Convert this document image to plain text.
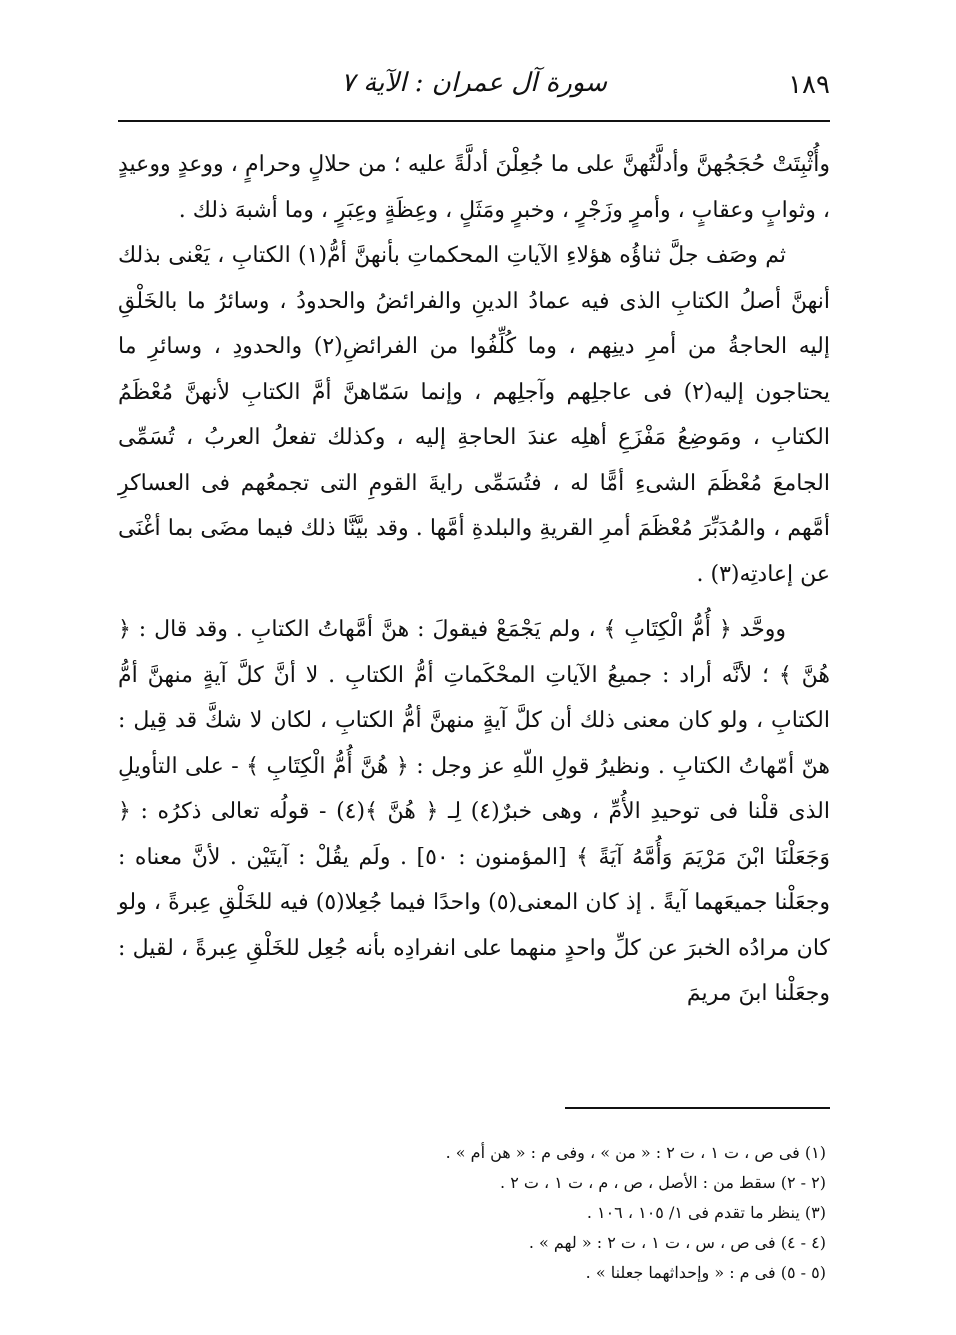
١٨٩
سورة آل عمران : الآية ٧

وأُثْبِتَتْ حُجَجُهنَّ وأدلَّتُهنَّ على ما جُعِلْنَ أدلَّةً عليه ؛ من حلالٍ وحرامٍ ، ووعدٍ ووعيدٍ ، وثوابٍ وعقابٍ ، وأمرٍ وزَجْرٍ ، وخبرٍ ومَثَلٍ ، وعِظَةٍ وعِبَرٍ ، وما أشبهَ ذلك .

ثم وصَف جلَّ ثناؤُه هؤلاءِ الآياتِ المحكماتِ بأنهنَّ أمُّ(١) الكتابِ ، يَعْنى بذلك أنهنَّ أصلُ الكتابِ الذى فيه عمادُ الدينِ والفرائضُ والحدودُ ، وسائرُ ما بالخَلْقِ إليه الحاجةُ من أمرِ دينِهم ، وما كُلِّفُوا من الفرائضِ(٢) والحدودِ ، وسائرِ ما يحتاجون إليه(٢) فى عاجلِهم وآجلِهم ، وإنما سَمّاهنَّ أمَّ الكتابِ لأنهنَّ مُعْظَمُ الكتابِ ، ومَوضِعُ مَفْزَعِ أهلِه عندَ الحاجةِ إليه ، وكذلك تفعلُ العربُ ، تُسَمِّى الجامعَ مُعْظَمَ الشىءِ أمًّا له ، فتُسَمِّى رايةَ القومِ التى تجمعُهم فى العساكرِ أمَّهم ، والمُدَبِّرَ مُعْظَمَ أمرِ القريةِ والبلدةِ أمَّها . وقد بيَّنَّا ذلك فيما مضَى بما أغْنَى عن إعادتِه(٣) .

ووحَّد ﴿ أُمُّ الْكِتَابِ ﴾ ، ولم يَجْمَعْ فيقولَ : هنَّ أمَّهاتُ الكتابِ . وقد قال : ﴿ هُنَّ ﴾ ؛ لأنَّه أراد : جميعُ الآياتِ المحْكَماتِ أمُّ الكتابِ . لا أنَّ كلَّ آيةٍ منهنَّ أمُّ الكتابِ ، ولو كان معنى ذلك أن كلَّ آيةٍ منهنَّ أمُّ الكتابِ ، لكان لا شكَّ قد قِيل : هنّ أمّهاتُ الكتابِ . ونظيرُ قولِ اللّهِ عز وجل : ﴿ هُنَّ أُمُّ الْكِتَابِ ﴾ - على التأويلِ الذى قلْنا فى توحيدِ الأُمِّ ، وهى خبرٌ(٤) لِـ ﴿ هُنَّ ﴾(٤) - قولُه تعالى ذكرُه : ﴿ وَجَعَلْنَا ابْنَ مَرْيَمَ وَأُمَّهُ آيَةً ﴾ [المؤمنون : ٥٠] . ولَم يقُلْ : آيتَيْن . لأنَّ معناه : وجعَلْنا جميعَهما آيةً . إذ كان المعنى(٥) واحدًا فيما جُعِلا(٥) فيه للخَلْقِ عِبرةً ، ولو كان مرادُه الخبرَ عن كلِّ واحدٍ منهما على انفرادِه بأنه جُعِل للخَلْقِ عِبرةً ، لقيل : وجعَلْنا ابنَ مريمَ

(١) فى ص ، ت ١ ، ت ٢ : « من » ، وفى م : « هن أم » .
(٢ - ٢) سقط من : الأصل ، ص ، م ، ت ١ ، ت ٢ .
(٣) ينظر ما تقدم فى ١/ ١٠٥ ، ١٠٦ .
(٤ - ٤) فى ص ، س ، ت ١ ، ت ٢ : « لهم » .
(٥ - ٥) فى م : « وإحداثهما جعلنا » .
